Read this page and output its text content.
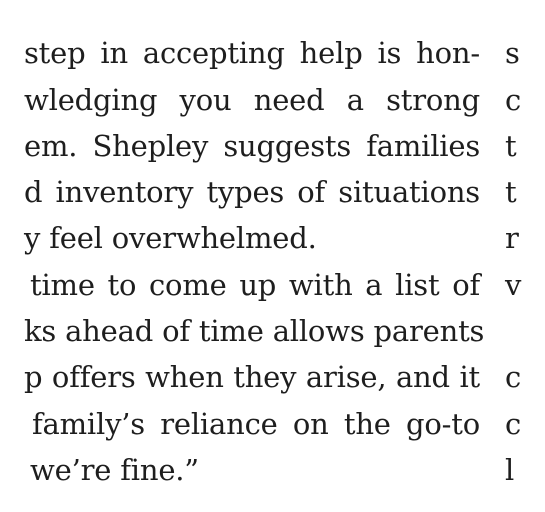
step in accepting help is hon-
wledging you need a strong
em. Shepley suggests families
d inventory types of situations
y feel overwhelmed.
time to come up with a list of
ks ahead of time allows parents
p offers when they arise, and it
family’s reliance on the go-to
we’re fine.”
s
c
t
t
r
v
c
c
l
